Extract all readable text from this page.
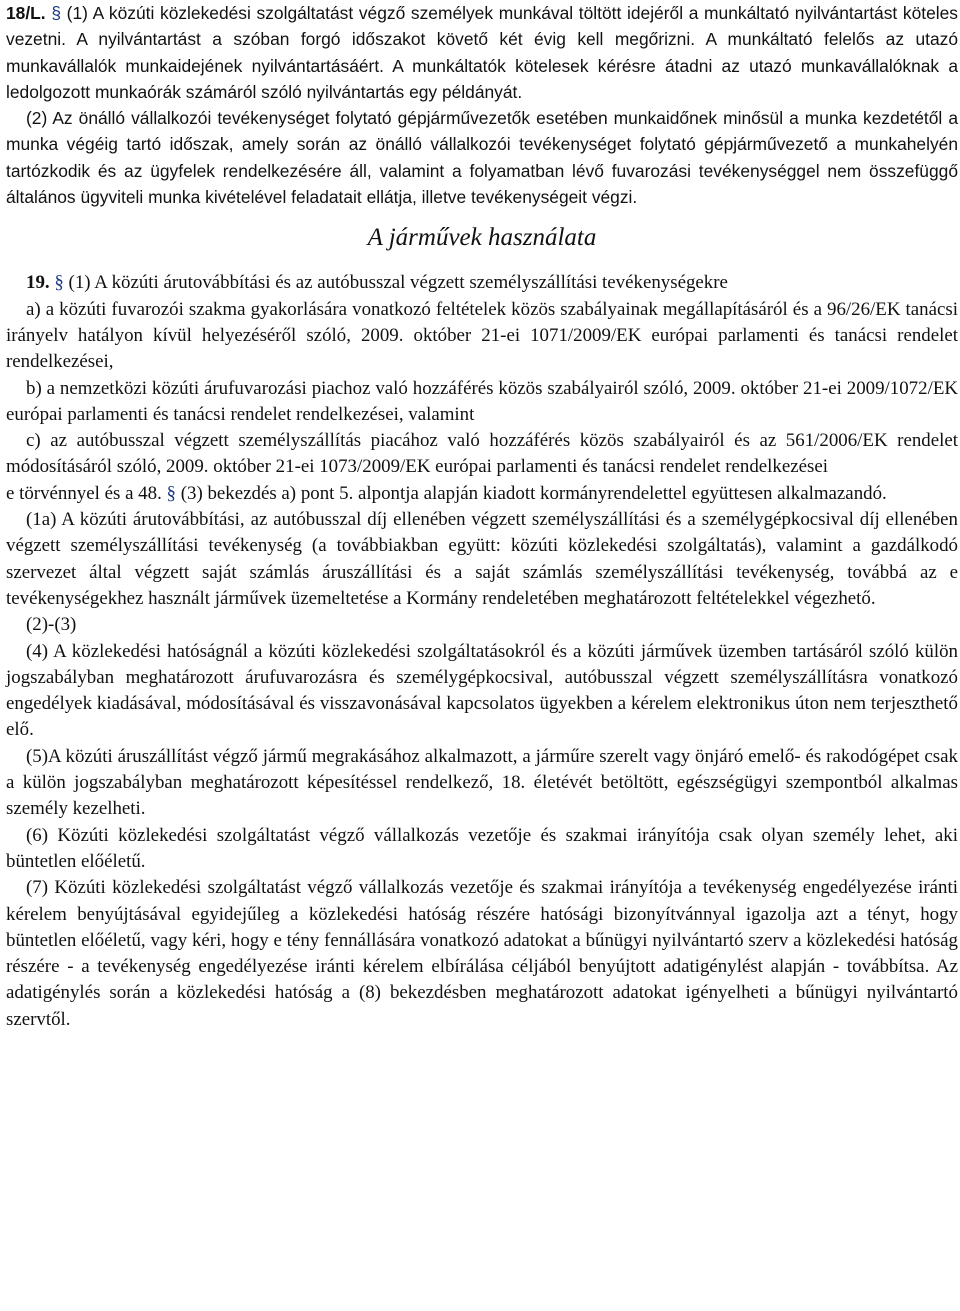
18/L. § (1) A közúti közlekedési szolgáltatást végző személyek munkával töltött idejéről a munkáltató nyilvántartást köteles vezetni. A nyilvántartást a szóban forgó időszakot követő két évig kell megőrizni. A munkáltató felelős az utazó munkavállalók munkaidejének nyilvántartásáért. A munkáltatók kötelesek kérésre átadni az utazó munkavállalóknak a ledolgozott munkaórák számáról szóló nyilvántartás egy példányát.

(2) Az önálló vállalkozói tevékenységet folytató gépjárművezetők esetében munkaidőnek minősül a munka kezdetétől a munka végéig tartó időszak, amely során az önálló vállalkozói tevékenységet folytató gépjárművezető a munkahelyén tartózkodik és az ügyfelek rendelkezésére áll, valamint a folyamatban lévő fuvarozási tevékenységgel nem összefüggő általános ügyviteli munka kivételével feladatait ellátja, illetve tevékenységeit végzi.

A járművek használata

19. § (1) A közúti árutovábbítási és az autóbusszal végzett személyszállítási tevékenységekre

a) a közúti fuvarozói szakma gyakorlására vonatkozó feltételek közös szabályainak megállapításáról és a 96/26/EK tanácsi irányelv hatályon kívül helyezéséről szóló, 2009. október 21-ei 1071/2009/EK európai parlamenti és tanácsi rendelet rendelkezései,

b) a nemzetközi közúti árufuvarozási piachoz való hozzáférés közös szabályairól szóló, 2009. október 21-ei 2009/1072/EK európai parlamenti és tanácsi rendelet rendelkezései, valamint

c) az autóbusszal végzett személyszállítás piacához való hozzáférés közös szabályairól és az 561/2006/EK rendelet módosításáról szóló, 2009. október 21-ei 1073/2009/EK európai parlamenti és tanácsi rendelet rendelkezései

e törvénnyel és a 48. § (3) bekezdés a) pont 5. alpontja alapján kiadott kormányrendelettel együttesen alkalmazandó.

(1a) A közúti árutovábbítási, az autóbusszal díj ellenében végzett személyszállítási és a személygépkocsival díj ellenében végzett személyszállítási tevékenység (a továbbiakban együtt: közúti közlekedési szolgáltatás), valamint a gazdálkodó szervezet által végzett saját számlás áruszállítási és a saját számlás személyszállítási tevékenység, továbbá az e tevékenységekhez használt járművek üzemeltetése a Kormány rendeletében meghatározott feltételekkel végezhető.

(2)-(3)

(4) A közlekedési hatóságnál a közúti közlekedési szolgáltatásokról és a közúti járművek üzemben tartásáról szóló külön jogszabályban meghatározott árufuvarozásra és személygépkocsival, autóbusszal végzett személyszállításra vonatkozó engedélyek kiadásával, módosításával és visszavonásával kapcsolatos ügyekben a kérelem elektronikus úton nem terjeszthető elő.

(5)A közúti áruszállítást végző jármű megrakásához alkalmazott, a járműre szerelt vagy önjáró emelő- és rakodógépet csak a külön jogszabályban meghatározott képesítéssel rendelkező, 18. életévét betöltött, egészségügyi szempontból alkalmas személy kezelheti.

(6) Közúti közlekedési szolgáltatást végző vállalkozás vezetője és szakmai irányítója csak olyan személy lehet, aki büntetlen előéletű.

(7) Közúti közlekedési szolgáltatást végző vállalkozás vezetője és szakmai irányítója a tevékenység engedélyezése iránti kérelem benyújtásával egyidejűleg a közlekedési hatóság részére hatósági bizonyítvánnyal igazolja azt a tényt, hogy büntetlen előéletű, vagy kéri, hogy e tény fennállására vonatkozó adatokat a bűnügyi nyilvántartó szerv a közlekedési hatóság részére - a tevékenység engedélyezése iránti kérelem elbírálása céljából benyújtott adatigénylést alapján - továbbítsa. Az adatigénylés során a közlekedési hatóság a (8) bekezdésben meghatározott adatokat igényelheti a bűnügyi nyilvántartó szervtől.
